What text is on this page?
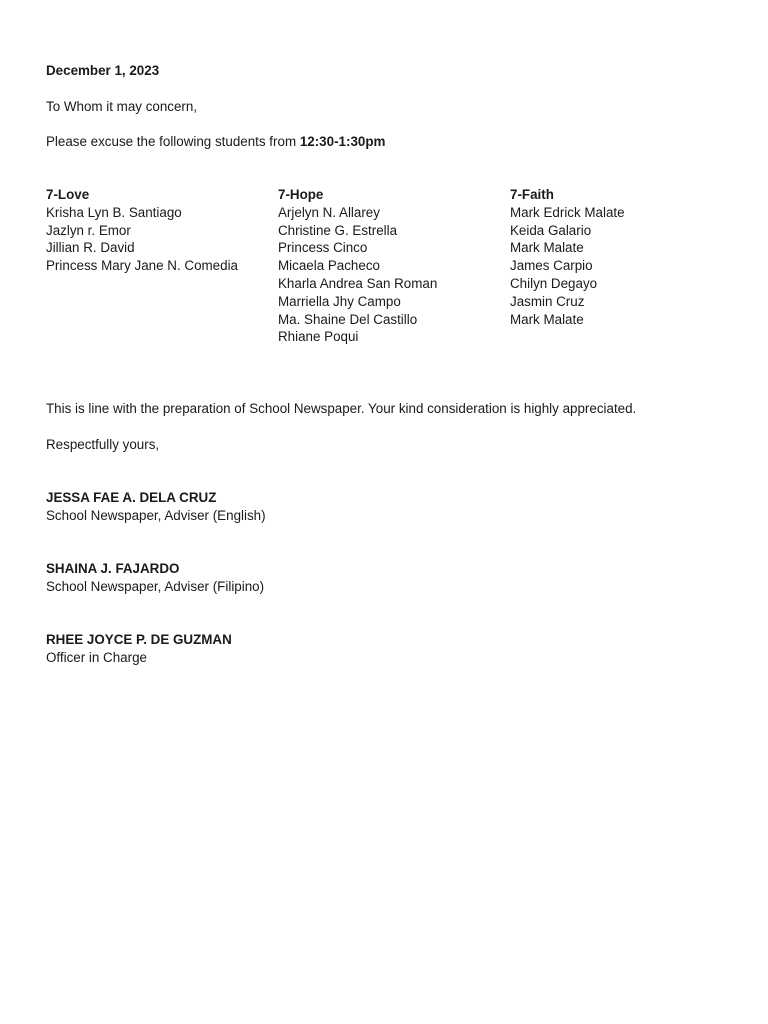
December 1, 2023
To Whom it may concern,
Please excuse the following students from 12:30-1:30pm
7-Love
Krisha Lyn B. Santiago
Jazlyn r. Emor
Jillian R. David
Princess Mary Jane N. Comedia
7-Hope
Arjelyn N. Allarey
Christine G. Estrella
Princess Cinco
Micaela Pacheco
Kharla Andrea San Roman
Marriella Jhy Campo
Ma. Shaine Del Castillo
Rhiane Poqui
7-Faith
Mark Edrick Malate
Keida Galario
Mark Malate
James Carpio
Chilyn Degayo
Jasmin Cruz
Mark Malate
This is line with the preparation of School Newspaper. Your kind consideration is highly appreciated.
Respectfully yours,
JESSA FAE A. DELA CRUZ
School Newspaper, Adviser (English)
SHAINA J. FAJARDO
School Newspaper, Adviser (Filipino)
RHEE JOYCE P. DE GUZMAN
Officer in Charge
